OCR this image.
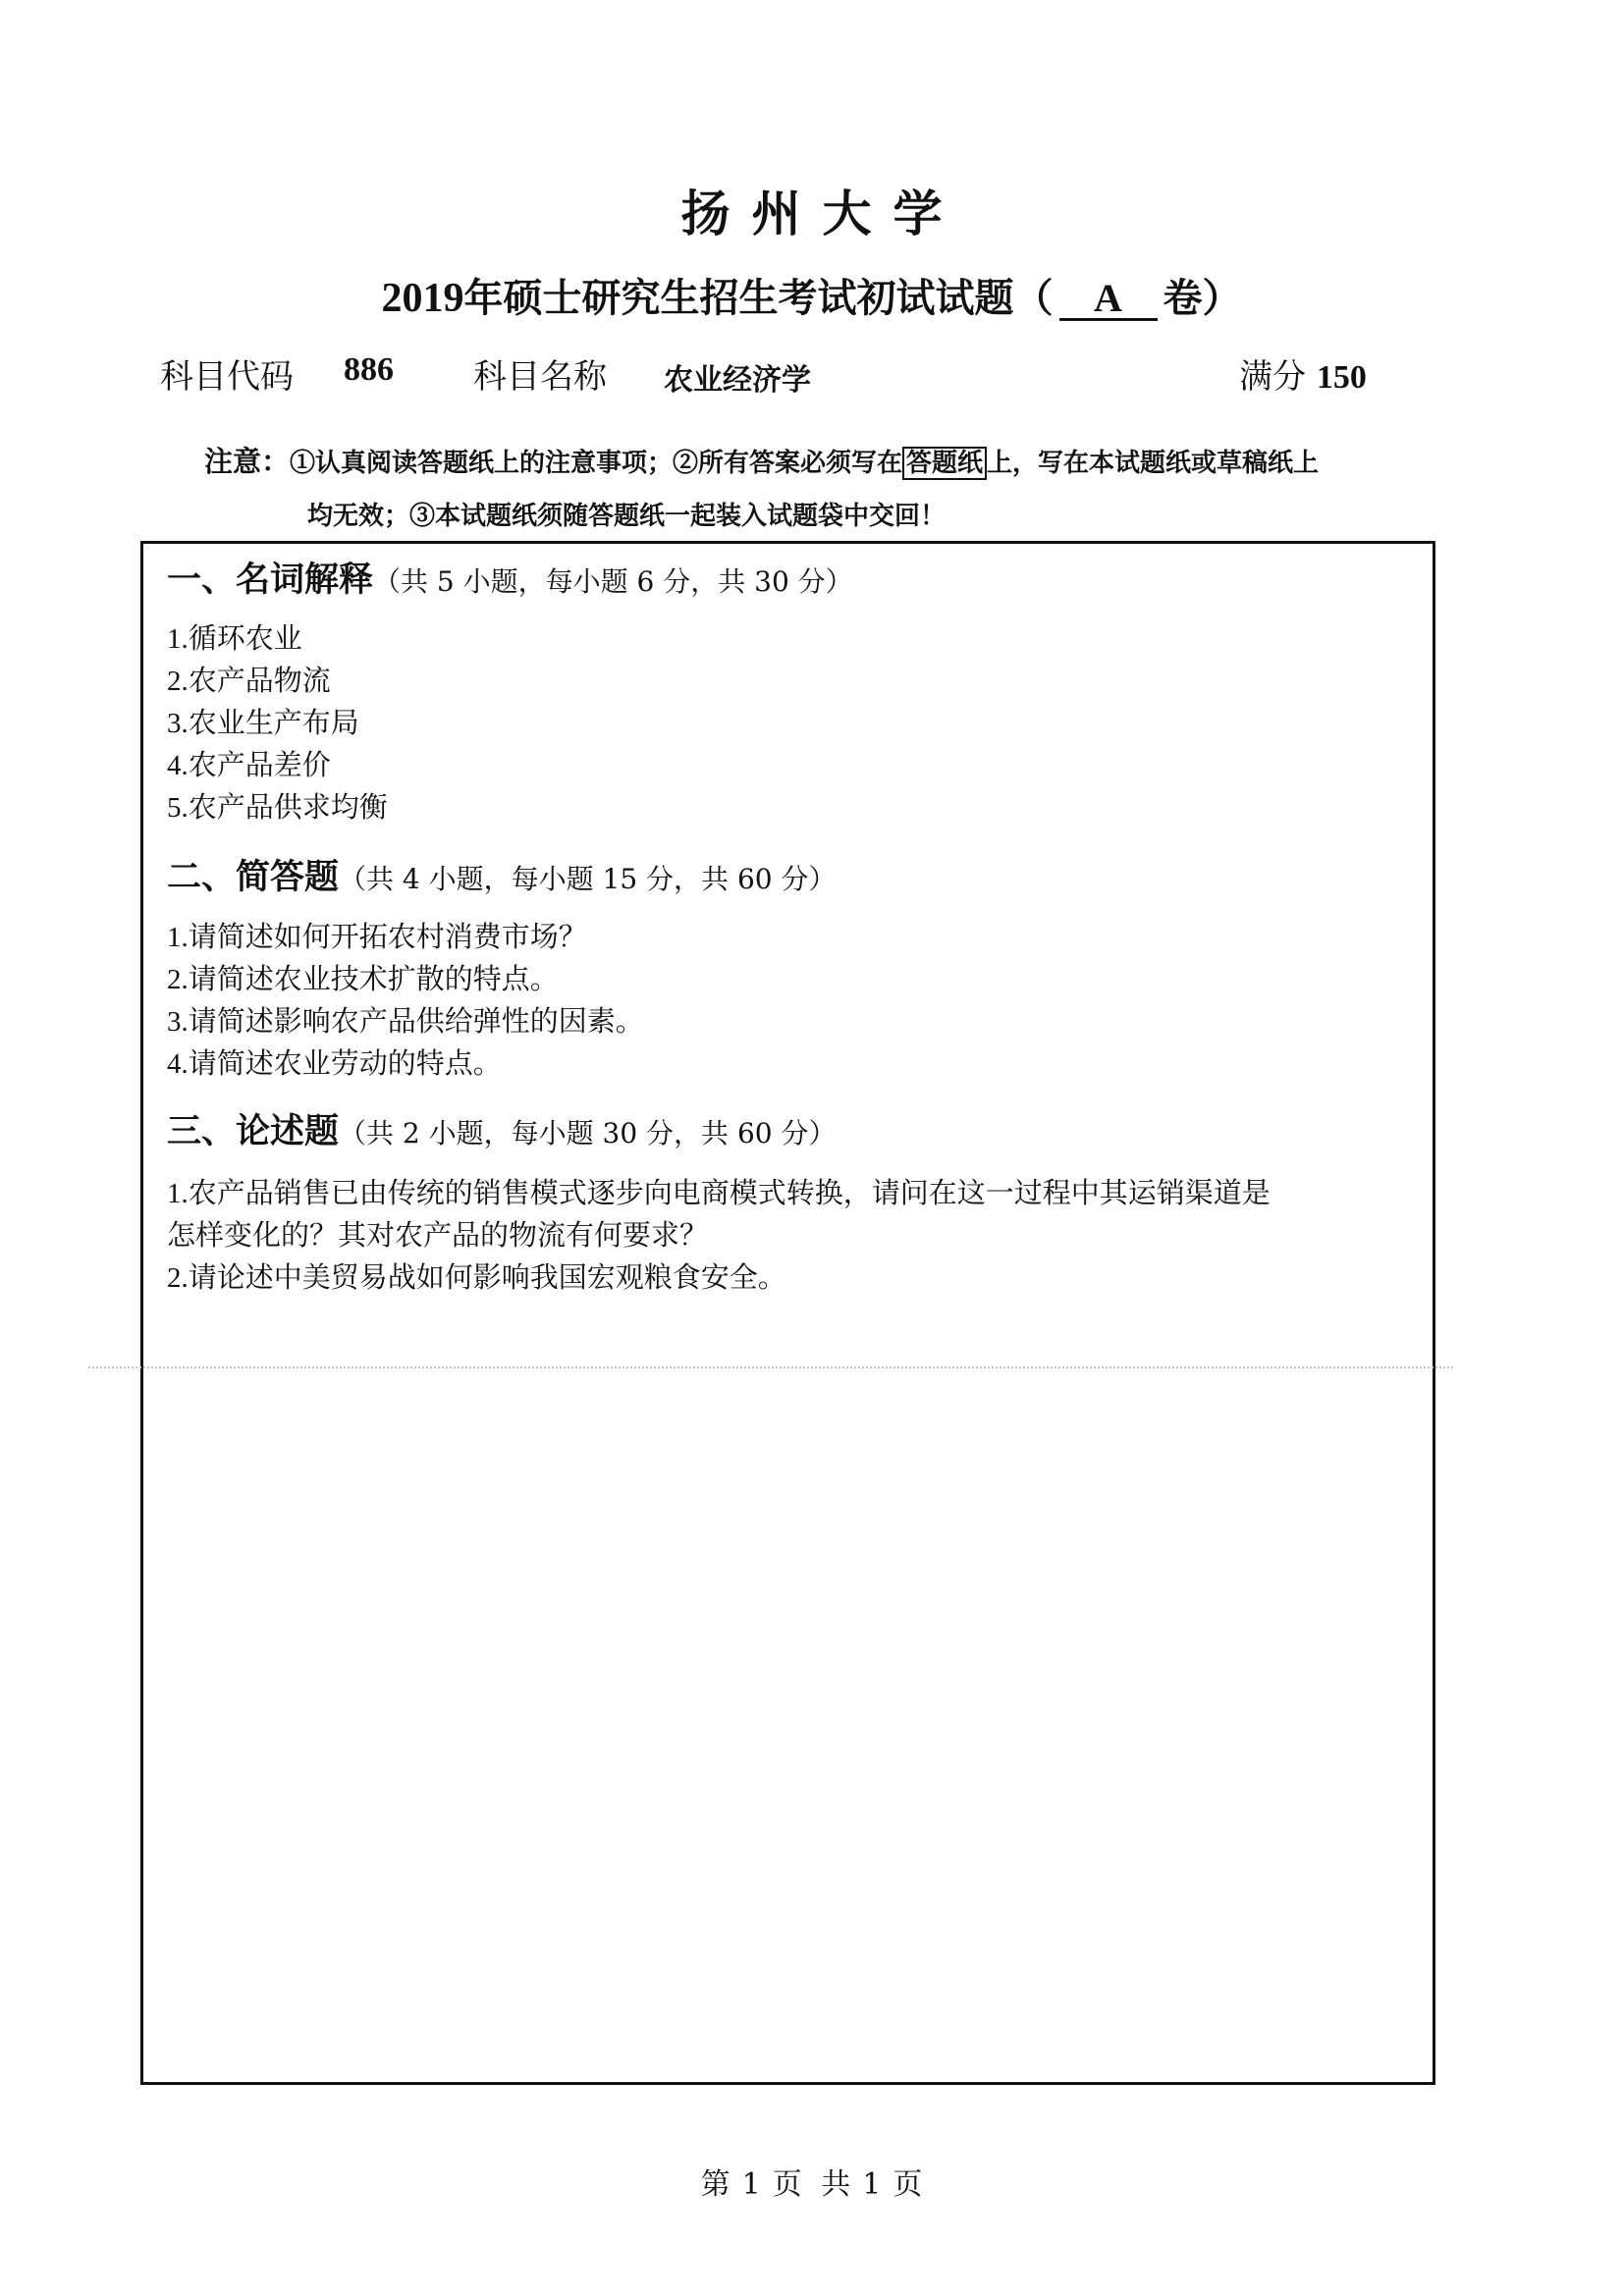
扬州大学
2019年硕士研究生招生考试初试试题（ A 卷）
科目代码 886 科目名称 农业经济学	满分 150
注意：①认真阅读答题纸上的注意事项；②所有答案必须写在 答题纸 上，写在本试题纸或草稿纸上
均无效；③本试题纸须随答题纸一起装入试题袋中交回！
一、名词解释（共 5 小题，每小题 6 分，共 30 分）
1.循环农业
2.农产品物流
3.农业生产布局
4.农产品差价
5.农产品供求均衡
二、简答题（共 4 小题，每小题 15 分，共 60 分）
1.请简述如何开拓农村消费市场？
2.请简述农业技术扩散的特点。
3.请简述影响农产品供给弹性的因素。
4.请简述农业劳动的特点。
三、论述题（共 2 小题，每小题 30 分，共 60 分）
1.农产品销售已由传统的销售模式逐步向电商模式转换，请问在这一过程中其运销渠道是
怎样变化的？其对农产品的物流有何要求？
2.请论述中美贸易战如何影响我国宏观粮食安全。
第 1 页 共 1 页
